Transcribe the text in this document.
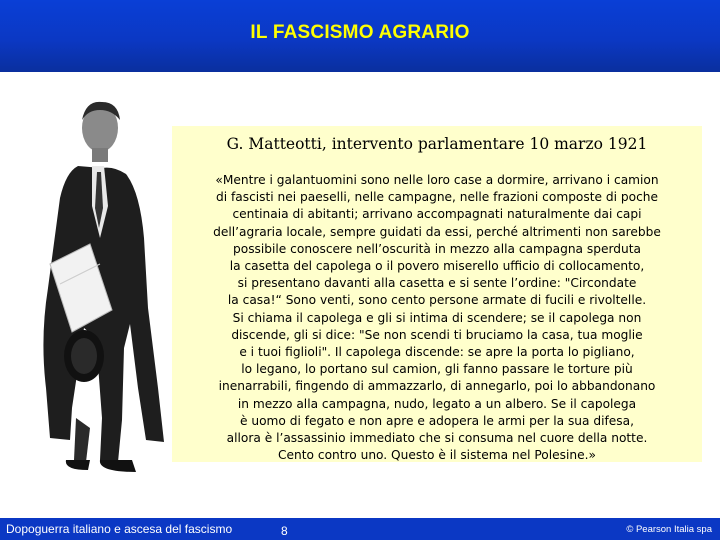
IL FASCISMO AGRARIO
G. Matteotti, intervento parlamentare 10 marzo 1921
«Mentre i galantuomini sono nelle loro case a dormire, arrivano i camion
di fascisti nei paeselli, nelle campagne, nelle frazioni composte di poche
centinaia di abitanti; arrivano accompagnati naturalmente dai capi
dell’agraria locale, sempre guidati da essi, perché altrimenti non sarebbe
possibile conoscere nell’oscurità in mezzo alla campagna sperduta
la casetta del capolega o il povero miserello ufficio di collocamento,
si presentano davanti alla casetta e si sente l’ordine: "Circondate
la casa!“ Sono venti, sono cento persone armate di fucili e rivoltelle.
Si chiama il capolega e gli si intima di scendere; se il capolega non
discende, gli si dice: "Se non scendi ti bruciamo la casa, tua moglie
e i tuoi figlioli". Il capolega discende: se apre la porta lo pigliano,
lo legano, lo portano sul camion, gli fanno passare le torture più
inenarrabili, fingendo di ammazzarlo, di annegarlo, poi lo abbandonano
in mezzo alla campagna, nudo, legato a un albero. Se il capolega
è uomo di fegato e non apre e adopera le armi per la sua difesa,
allora è l’assassinio immediato che si consuma nel cuore della notte.
Cento contro uno. Questo è il sistema nel Polesine.»
Dopoguerra italiano e ascesa del fascismo	8	© Pearson Italia spa
